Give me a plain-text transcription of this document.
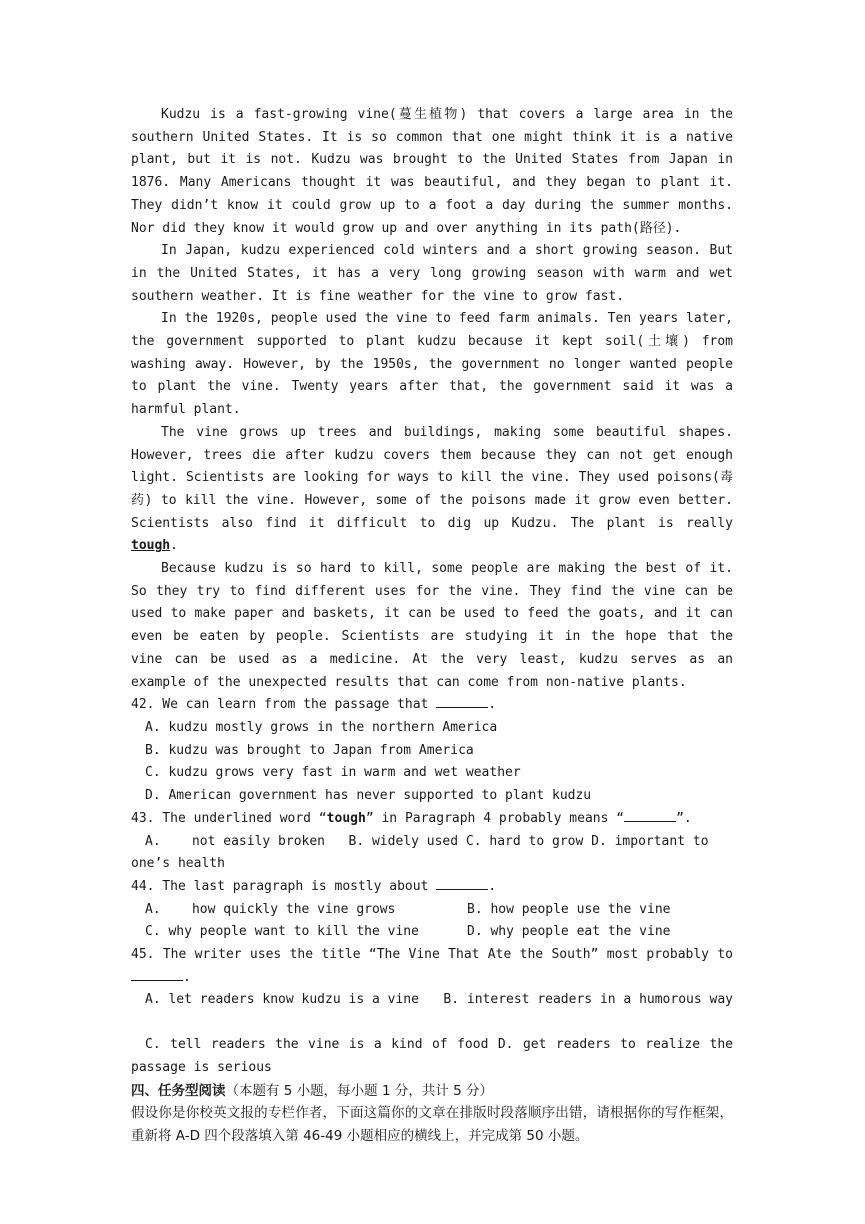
Kudzu is a fast-growing vine(蔓生植物) that covers a large area in the southern United States. It is so common that one might think it is a native plant, but it is not. Kudzu was brought to the United States from Japan in 1876. Many Americans thought it was beautiful, and they began to plant it. They didn’t know it could grow up to a foot a day during the summer months. Nor did they know it would grow up and over anything in its path(路径).

In Japan, kudzu experienced cold winters and a short growing season. But in the United States, it has a very long growing season with warm and wet southern weather. It is fine weather for the vine to grow fast.

In the 1920s, people used the vine to feed farm animals. Ten years later, the government supported to plant kudzu because it kept soil(土壤) from washing away. However, by the 1950s, the government no longer wanted people to plant the vine. Twenty years after that, the government said it was a harmful plant.

The vine grows up trees and buildings, making some beautiful shapes. However, trees die after kudzu covers them because they can not get enough light. Scientists are looking for ways to kill the vine. They used poisons(毒药) to kill the vine. However, some of the poisons made it grow even better. Scientists also find it difficult to dig up Kudzu. The plant is really tough.

Because kudzu is so hard to kill, some people are making the best of it. So they try to find different uses for the vine. They find the vine can be used to make paper and baskets, it can be used to feed the goats, and it can even be eaten by people. Scientists are studying it in the hope that the vine can be used as a medicine. At the very least, kudzu serves as an example of the unexpected results that can come from non-native plants.

42. We can learn from the passage that	.

A. kudzu mostly grows in the northern America

B. kudzu was brought to Japan from America

C. kudzu grows very fast in warm and wet weather

D. American government has never supported to plant kudzu

43. The underlined word “tough” in Paragraph 4 probably means “	”.

A.    not easily broken   B. widely used C. hard to grow D. important to one’s health

44. The last paragraph is mostly about	.

A.    how quickly the vine grows	B. how people use the vine
C. why people want to kill the vine	D. why people eat the vine

45. The writer uses the title “The Vine That Ate the South” most probably to .

A. let readers know kudzu is a vine	B. interest readers in a humorous way

C. tell readers the vine is a kind of food D. get readers to realize the passage is serious

四、任务型阅读（本题有 5 小题，每小题 1 分，共计 5 分）

假设你是你校英文报的专栏作者，下面这篇你的文章在排版时段落顺序出错，请根据你的写作框架，重新将 A-D 四个段落填入第 46-49 小题相应的横线上，并完成第 50 小题。
